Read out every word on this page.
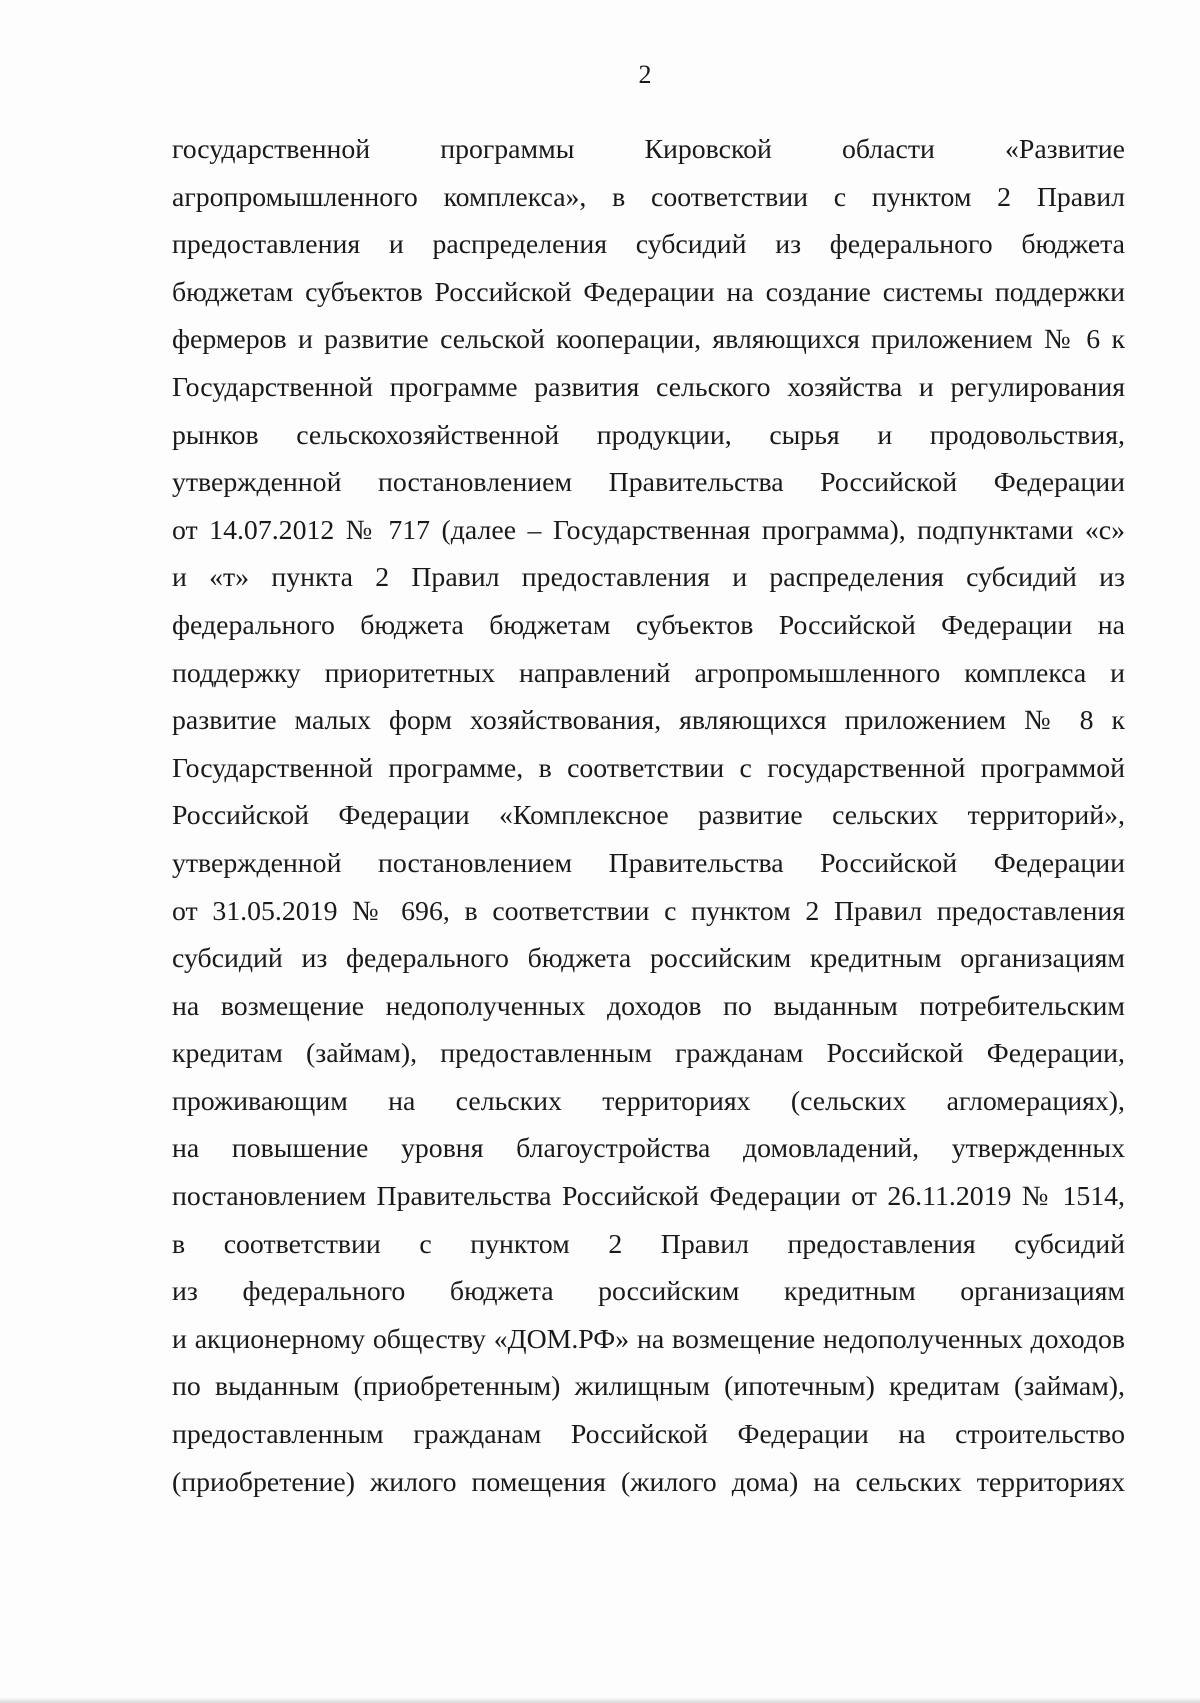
2
государственной программы Кировской области «Развитие
агропромышленного комплекса», в соответствии с пунктом 2 Правил
предоставления и распределения субсидий из федерального бюджета
бюджетам субъектов Российской Федерации на создание системы поддержки
фермеров и развитие сельской кооперации, являющихся приложением № 6 к
Государственной программе развития сельского хозяйства и регулирования
рынков сельскохозяйственной продукции, сырья и продовольствия,
утвержденной постановлением Правительства Российской Федерации
от 14.07.2012 № 717 (далее – Государственная программа), подпунктами «с»
и «т» пункта 2 Правил предоставления и распределения субсидий из
федерального бюджета бюджетам субъектов Российской Федерации на
поддержку приоритетных направлений агропромышленного комплекса и
развитие малых форм хозяйствования, являющихся приложением № 8 к
Государственной программе, в соответствии с государственной программой
Российской Федерации «Комплексное развитие сельских территорий»,
утвержденной постановлением Правительства Российской Федерации
от 31.05.2019 № 696, в соответствии с пунктом 2 Правил предоставления
субсидий из федерального бюджета российским кредитным организациям
на возмещение недополученных доходов по выданным потребительским
кредитам (займам), предоставленным гражданам Российской Федерации,
проживающим на сельских территориях (сельских агломерациях),
на повышение уровня благоустройства домовладений, утвержденных
постановлением Правительства Российской Федерации от 26.11.2019 № 1514,
в соответствии с пунктом 2 Правил предоставления субсидий
из федерального бюджета российским кредитным организациям
и акционерному обществу «ДОМ.РФ» на возмещение недополученных доходов
по выданным (приобретенным) жилищным (ипотечным) кредитам (займам),
предоставленным гражданам Российской Федерации на строительство
(приобретение) жилого помещения (жилого дома) на сельских территориях
